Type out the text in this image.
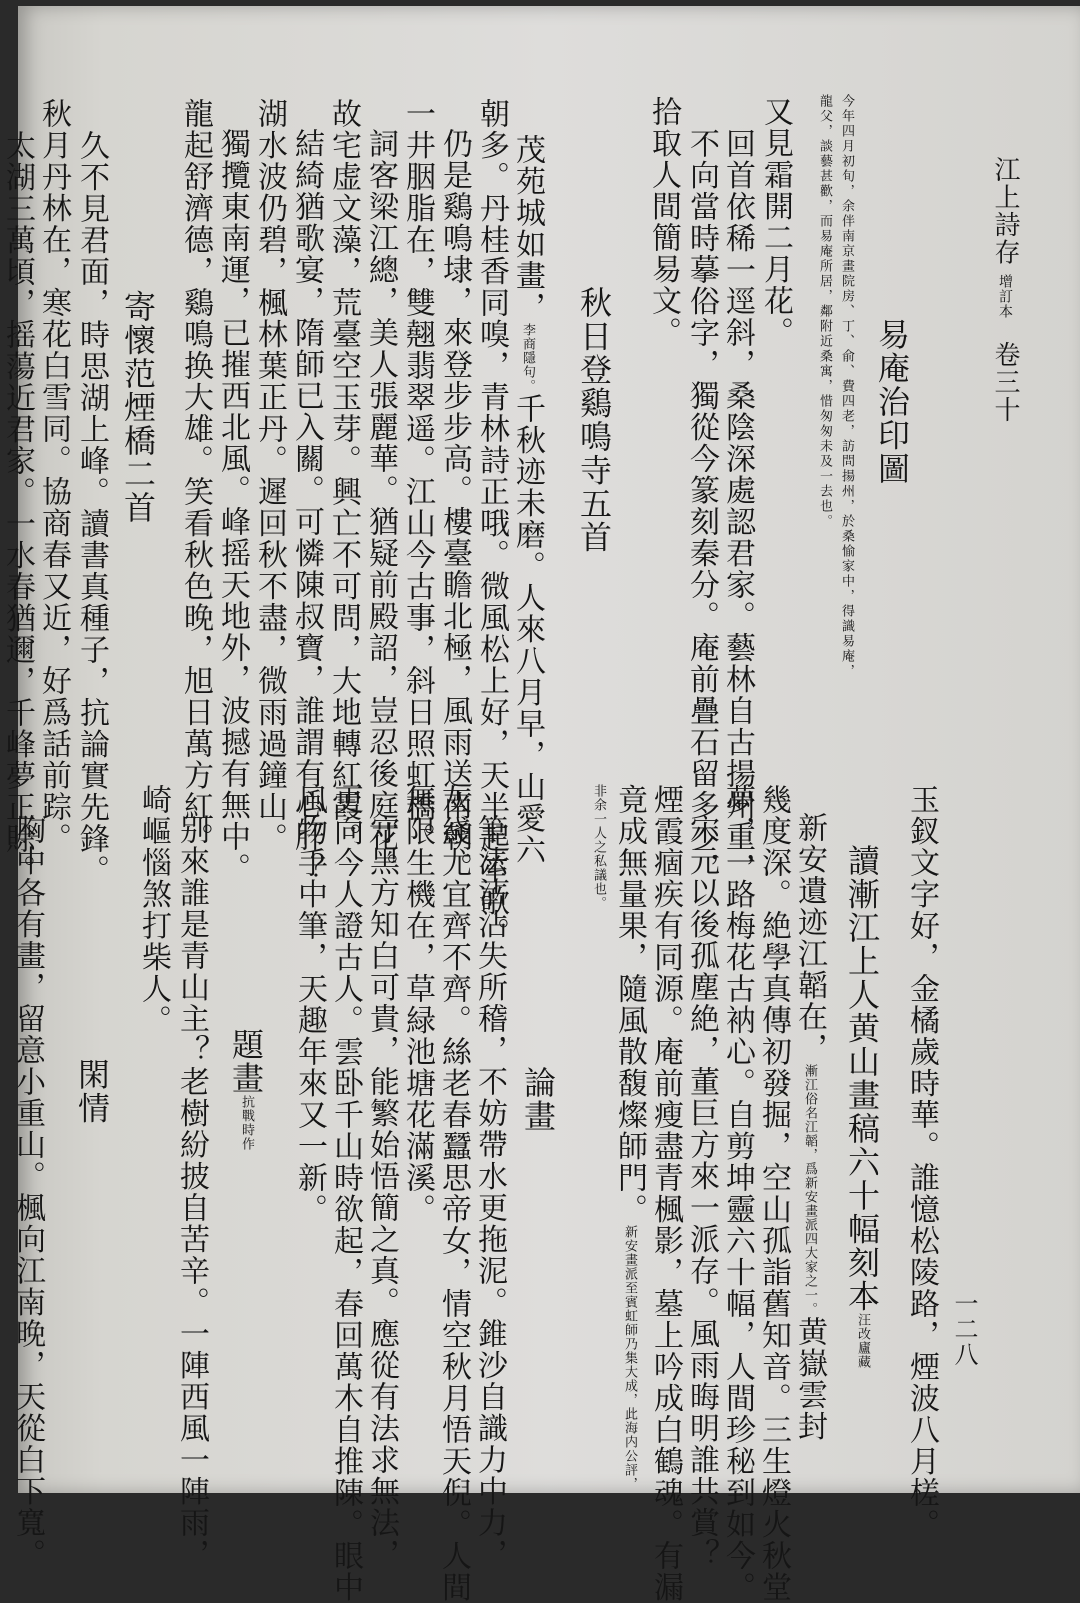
江上詩存增訂本卷三十
一二八
易庵治印圖
今年四月初旬，余伴南京畫院房、丁、俞、費四老，訪問揚州，於桑愉家中，得識易庵，
龍父，談藝甚歡，而易庵所居，鄰附近桑寓，惜匆匆未及一去也。
又見霜開二月花。
回首依稀一逕斜，桑陰深處認君家。藝林自古揚州重，
拾取人間簡易文。 不向當時摹俗字，獨從今篆刻秦分。庵前疊石留多少，
秋日登鷄鳴寺五首
茂苑城如畫，李商隱句。千秋迹未磨。人來八月早，山愛六
朝多。丹桂香同嗅，青林詩正哦。微風松上好，天半起笙歌。
仍是鷄鳴埭，來登步步高。樓臺瞻北極，風雨送南朝。
一井胭脂在，雙翹翡翠遥。江山今古事，斜日照虹橋。
詞客梁江總，美人張麗華。猶疑前殿詔，豈忍後庭花。
故宅虚文藻，荒臺空玉芽。興亡不可問，大地轉紅霞。
結綺猶歌宴，隋師已入關。可憐陳叔寶，誰謂有心肝？
湖水波仍碧，楓林葉正丹。遲回秋不盡，微雨過鐘山。
獨攬東南運，已摧西北風。峰摇天地外，波撼有無中。
龍起舒濟德，鷄鳴换大雄。笑看秋色晚，旭日萬方紅。
寄懷范煙橋二首
久不見君面，時思湖上峰。讀書真種子，抗論實先鋒。
秋月丹林在，寒花白雪同。協商春又近，好爲話前踪。
太湖三萬頃，摇蕩近君家。一水春猶邇，千峰夢正賒。
玉釵文字好，金橘歲時華。誰憶松陵路，煙波八月槎。
讀漸江上人黄山畫稿六十幅刻本汪改廬藏
新安遺迹江韜在，漸江俗名江韜，爲新安畫派四大家之一。黄嶽雲封
幾度深。絶學真傳初發掘，空山孤詣舊知音。三生燈火秋堂
夢，一路梅花古衲心。自剪坤靈六十幅，人間珍秘到如今。
宋元以後孤塵絶，董巨方來一派存。風雨晦明誰共賞？
煙霞痼疾有同源。庵前瘦盡青楓影，墓上吟成白鶴魂。有漏
竟成無量果，隨風散馥燦師門。新安畫派至賓虹師乃集大成，此海内公評，
非余一人之私議也。
論畫
筆法沾沾失所稽，不妨帶水更拖泥。錐沙自識力中力，
灰綫尤宜齊不齊。絲老春蠶思帝女，情空秋月悟天倪。人間
無限生機在，草緑池塘花滿溪。
守黑方知白可貴，能繁始悟簡之真。應從有法求無法，
更向今人證古人。雲卧千山時欲起，春回萬木自推陳。眼中
風物手中筆，天趣年來又一新。
題畫抗戰時作
别來誰是青山主？老樹紛披自苦辛。一陣西風一陣雨，
崎嶇惱煞打柴人。
閑情
胸中各有畫，留意小重山。楓向江南晚，天從白下寬。
